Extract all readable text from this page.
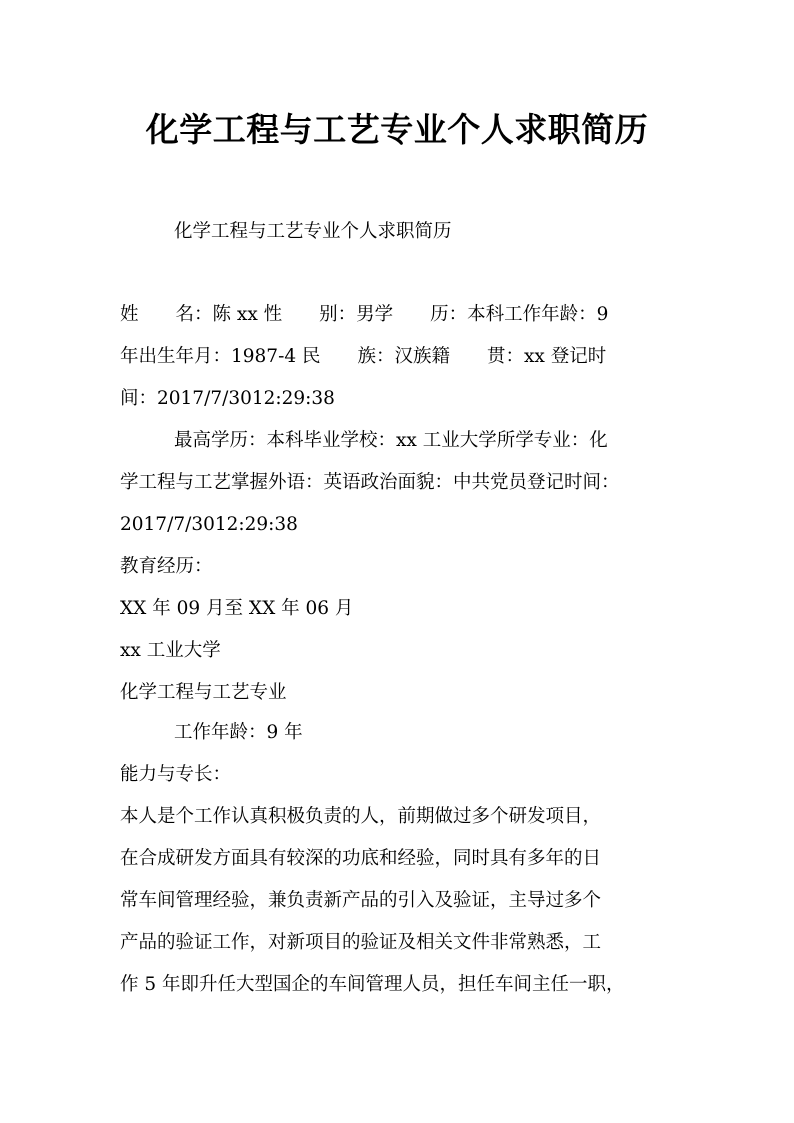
化学工程与工艺专业个人求职简历
化学工程与工艺专业个人求职简历
姓　　名：陈 xx 性　　别：男学　　历：本科工作年龄：9
年出生年月：1987-4 民　　族：汉族籍　　贯：xx 登记时
间：2017/7/3012:29:38
最高学历：本科毕业学校：xx 工业大学所学专业：化
学工程与工艺掌握外语：英语政治面貌：中共党员登记时间：
2017/7/3012:29:38
教育经历：
XX 年 09 月至 XX 年 06 月
xx 工业大学
化学工程与工艺专业
工作年龄：9 年
能力与专长：
本人是个工作认真积极负责的人，前期做过多个研发项目，
在合成研发方面具有较深的功底和经验，同时具有多年的日
常车间管理经验，兼负责新产品的引入及验证，主导过多个
产品的验证工作，对新项目的验证及相关文件非常熟悉，工
作 5 年即升任大型国企的车间管理人员，担任车间主任一职，
